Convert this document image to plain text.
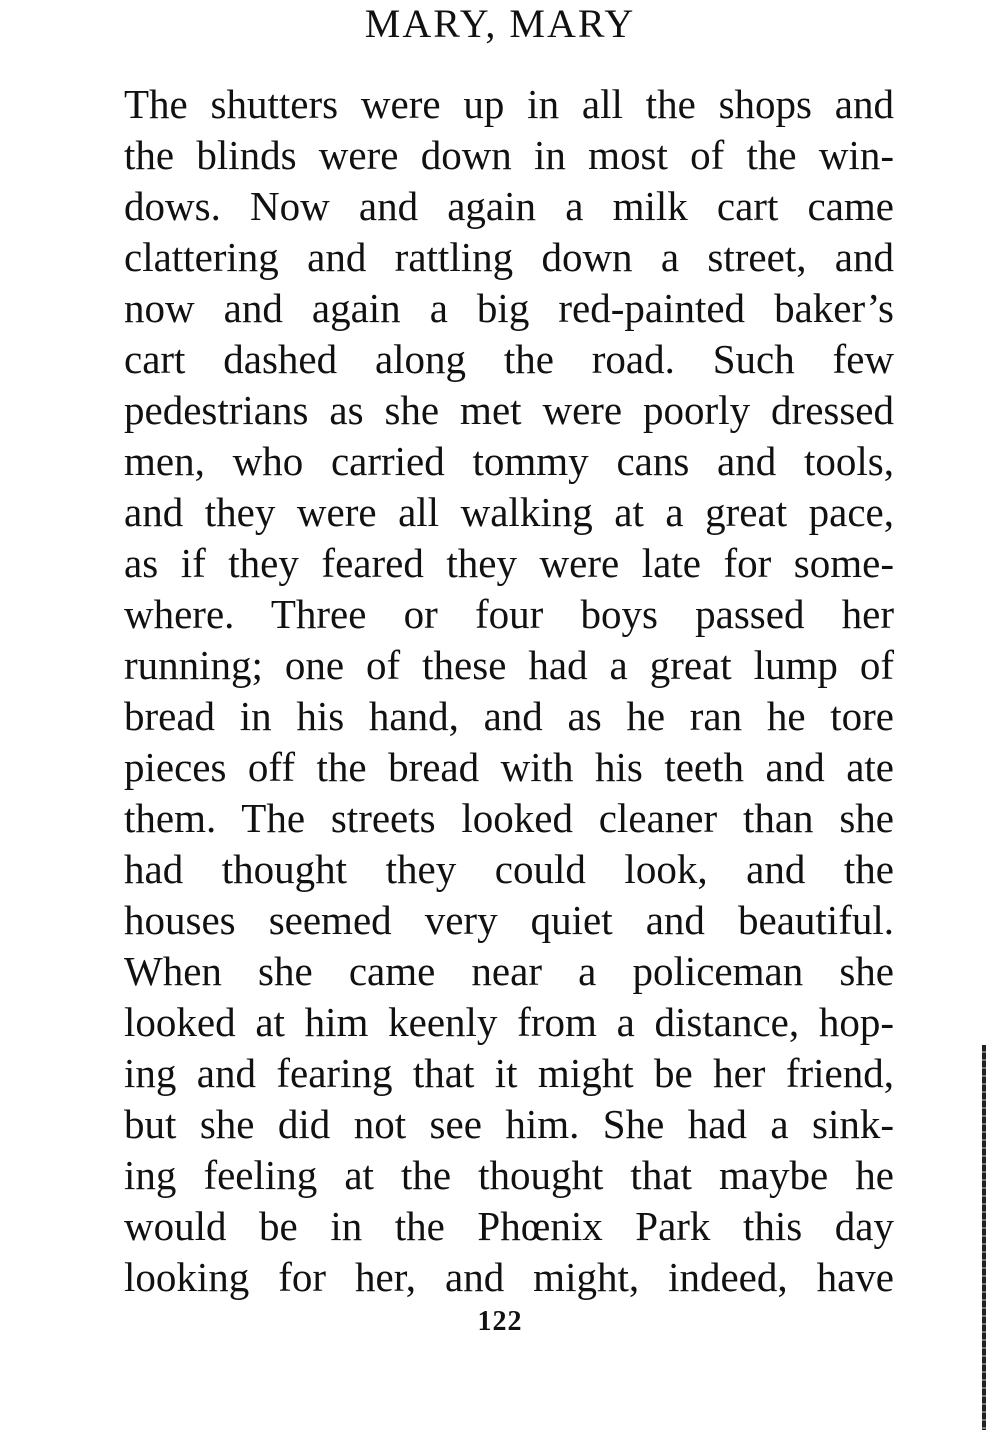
MARY, MARY
The shutters were up in all the shops and
the blinds were down in most of the win-
dows. Now and again a milk cart came
clattering and rattling down a street, and
now and again a big red-painted baker’s
cart dashed along the road. Such few
pedestrians as she met were poorly dressed
men, who carried tommy cans and tools,
and they were all walking at a great pace,
as if they feared they were late for some-
where. Three or four boys passed her
running; one of these had a great lump of
bread in his hand, and as he ran he tore
pieces off the bread with his teeth and ate
them. The streets looked cleaner than she
had thought they could look, and the
houses seemed very quiet and beautiful.
When she came near a policeman she
looked at him keenly from a distance, hop-
ing and fearing that it might be her friend,
but she did not see him. She had a sink-
ing feeling at the thought that maybe he
would be in the Phœnix Park this day
looking for her, and might, indeed, have
122
